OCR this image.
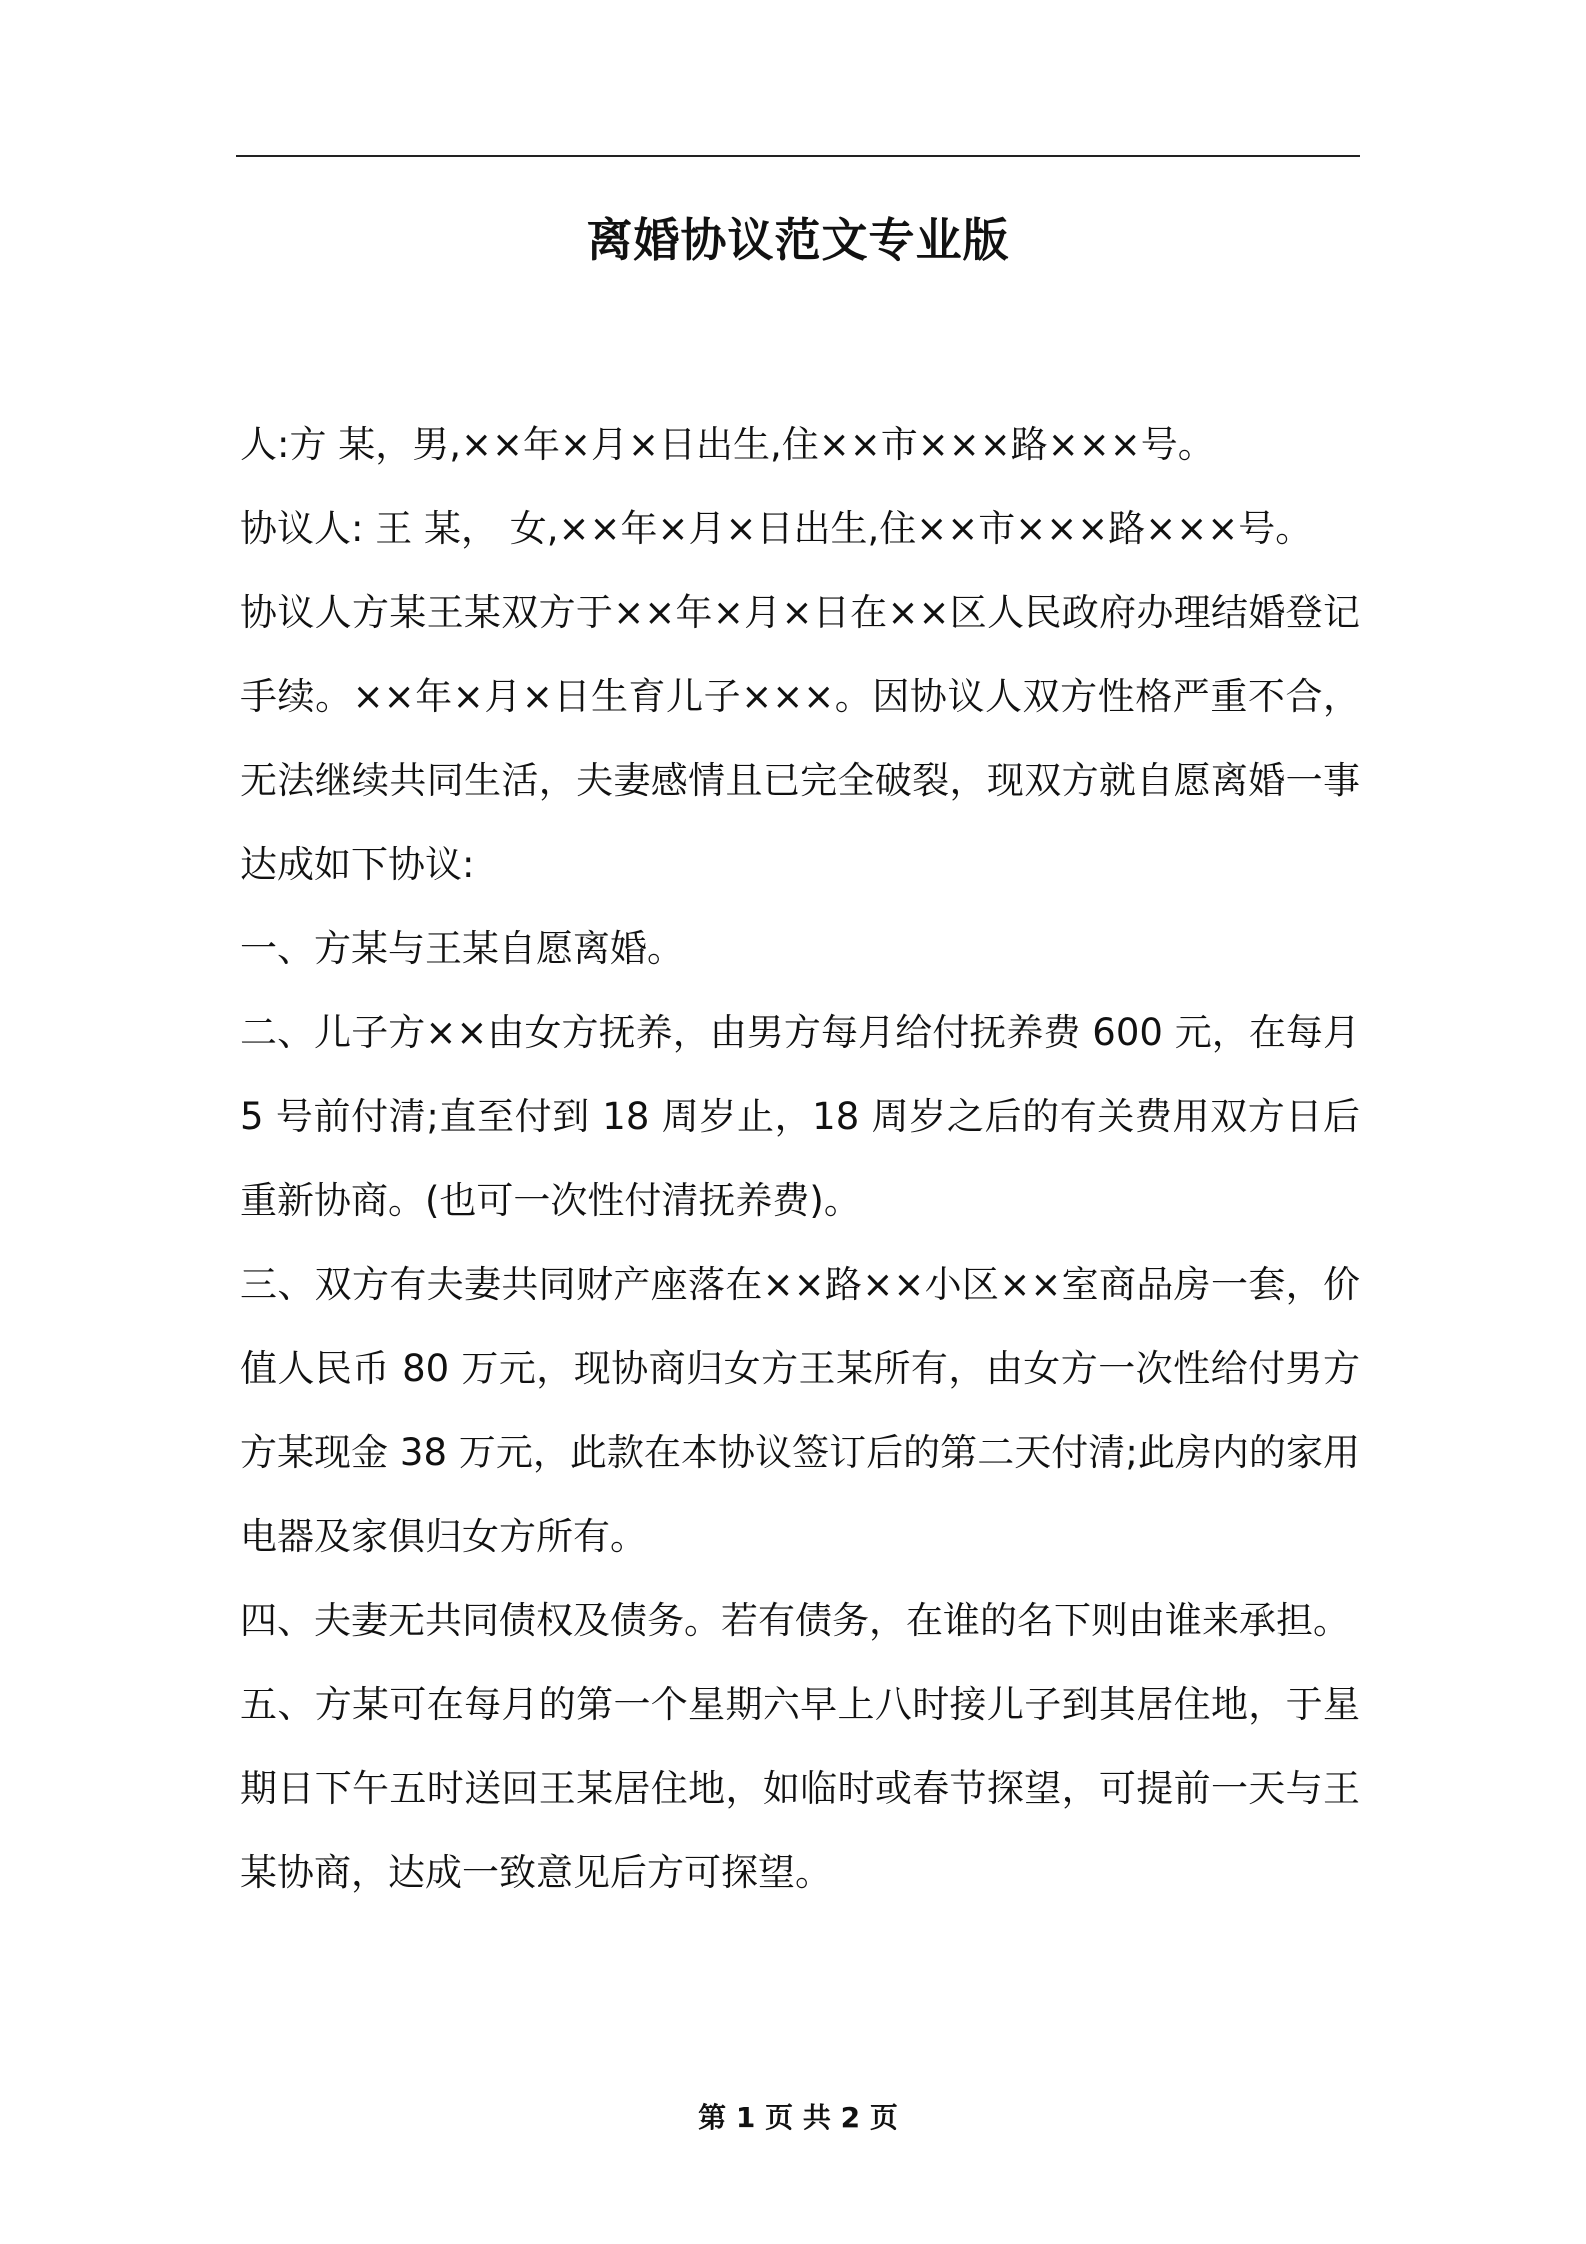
离婚协议范文专业版

人:方 某，男,××年×月×日出生,住××市×××路×××号。

协议人: 王 某， 女,××年×月×日出生,住××市×××路×××号。

协议人方某王某双方于××年×月×日在××区人民政府办理结婚登记手续。××年×月×日生育儿子×××。因协议人双方性格严重不合，无法继续共同生活，夫妻感情且已完全破裂，现双方就自愿离婚一事达成如下协议:

一、方某与王某自愿离婚。

二、儿子方××由女方抚养，由男方每月给付抚养费 600 元，在每月 5 号前付清;直至付到 18 周岁止，18 周岁之后的有关费用双方日后重新协商。(也可一次性付清抚养费)。

三、双方有夫妻共同财产座落在××路××小区××室商品房一套，价值人民币 80 万元，现协商归女方王某所有，由女方一次性给付男方方某现金 38 万元，此款在本协议签订后的第二天付清;此房内的家用电器及家俱归女方所有。

四、夫妻无共同债权及债务。若有债务，在谁的名下则由谁来承担。

五、方某可在每月的第一个星期六早上八时接儿子到其居住地，于星期日下午五时送回王某居住地，如临时或春节探望，可提前一天与王某协商，达成一致意见后方可探望。

第 1 页 共 2 页
